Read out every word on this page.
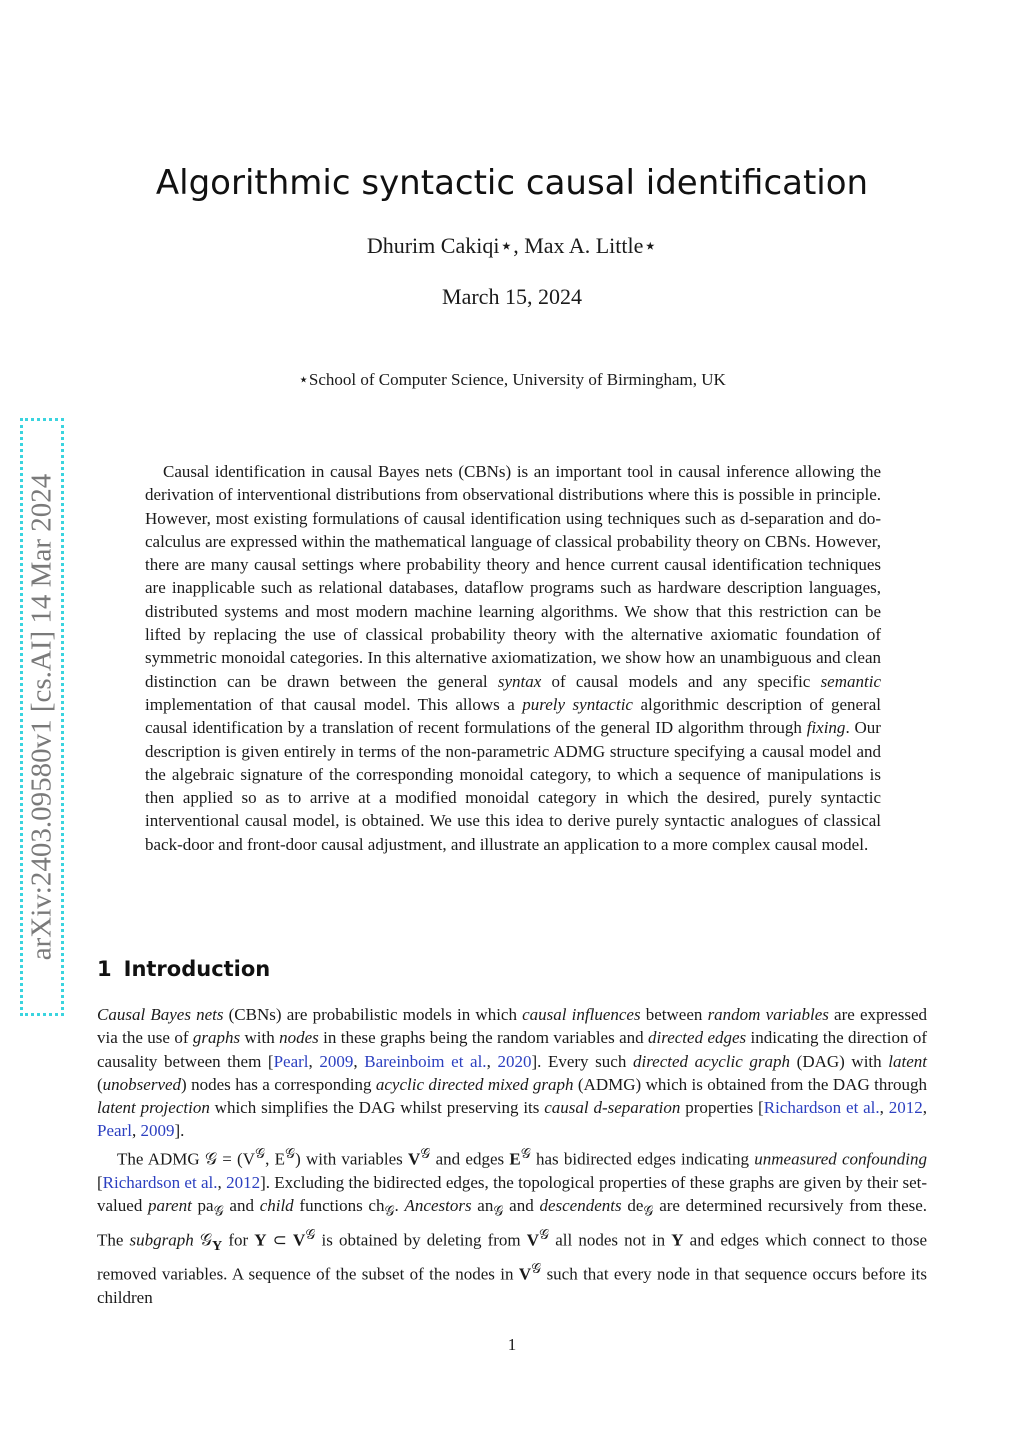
Algorithmic syntactic causal identification
Dhurim Cakiqi⋆, Max A. Little⋆
March 15, 2024
⋆School of Computer Science, University of Birmingham, UK
arXiv:2403.09580v1 [cs.AI] 14 Mar 2024

Causal identification in causal Bayes nets (CBNs) is an important tool in causal inference allowing the derivation of interventional distributions from observational distributions where this is possible in principle. However, most existing formulations of causal identification using techniques such as d-separation and do-calculus are expressed within the mathematical language of classical probability theory on CBNs. However, there are many causal settings where probability theory and hence current causal identification techniques are inapplicable such as relational databases, dataflow programs such as hardware description languages, distributed systems and most modern machine learning algorithms. We show that this restriction can be lifted by replacing the use of classical probability theory with the alternative axiomatic foundation of symmetric monoidal categories. In this alternative axiomatization, we show how an unambiguous and clean distinction can be drawn between the general syntax of causal models and any specific semantic implementation of that causal model. This allows a purely syntactic algorithmic description of general causal identification by a translation of recent formulations of the general ID algorithm through fixing. Our description is given entirely in terms of the non-parametric ADMG structure specifying a causal model and the algebraic signature of the corresponding monoidal category, to which a sequence of manipulations is then applied so as to arrive at a modified monoidal category in which the desired, purely syntactic interventional causal model, is obtained. We use this idea to derive purely syntactic analogues of classical back-door and front-door causal adjustment, and illustrate an application to a more complex causal model.

1 Introduction

Causal Bayes nets (CBNs) are probabilistic models in which causal influences between random variables are expressed via the use of graphs with nodes in these graphs being the random variables and directed edges indicating the direction of causality between them [Pearl, 2009, Bareinboim et al., 2020]. Every such directed acyclic graph (DAG) with latent (unobserved) nodes has a corresponding acyclic directed mixed graph (ADMG) which is obtained from the DAG through latent projection which simplifies the DAG whilst preserving its causal d-separation properties [Richardson et al., 2012, Pearl, 2009].

The ADMG 𝒢 = ($V^𝒢$, $E^𝒢$) with variables $V^𝒢$ and edges $E^𝒢$ has bidirected edges indicating unmeasured confounding [Richardson et al., 2012]. Excluding the bidirected edges, the topological properties of these graphs are given by their set-valued parent $pa_𝒢$ and child functions $ch_𝒢$. Ancestors $an_𝒢$ and descendents $de_𝒢$ are determined recursively from these. The subgraph 𝒢$_Y$ for Y ⊂ $V^𝒢$ is obtained by deleting from $V^𝒢$ all nodes not in Y and edges which connect to those removed variables. A sequence of the subset of the nodes in $V^𝒢$ such that every node in that sequence occurs before its children

1
